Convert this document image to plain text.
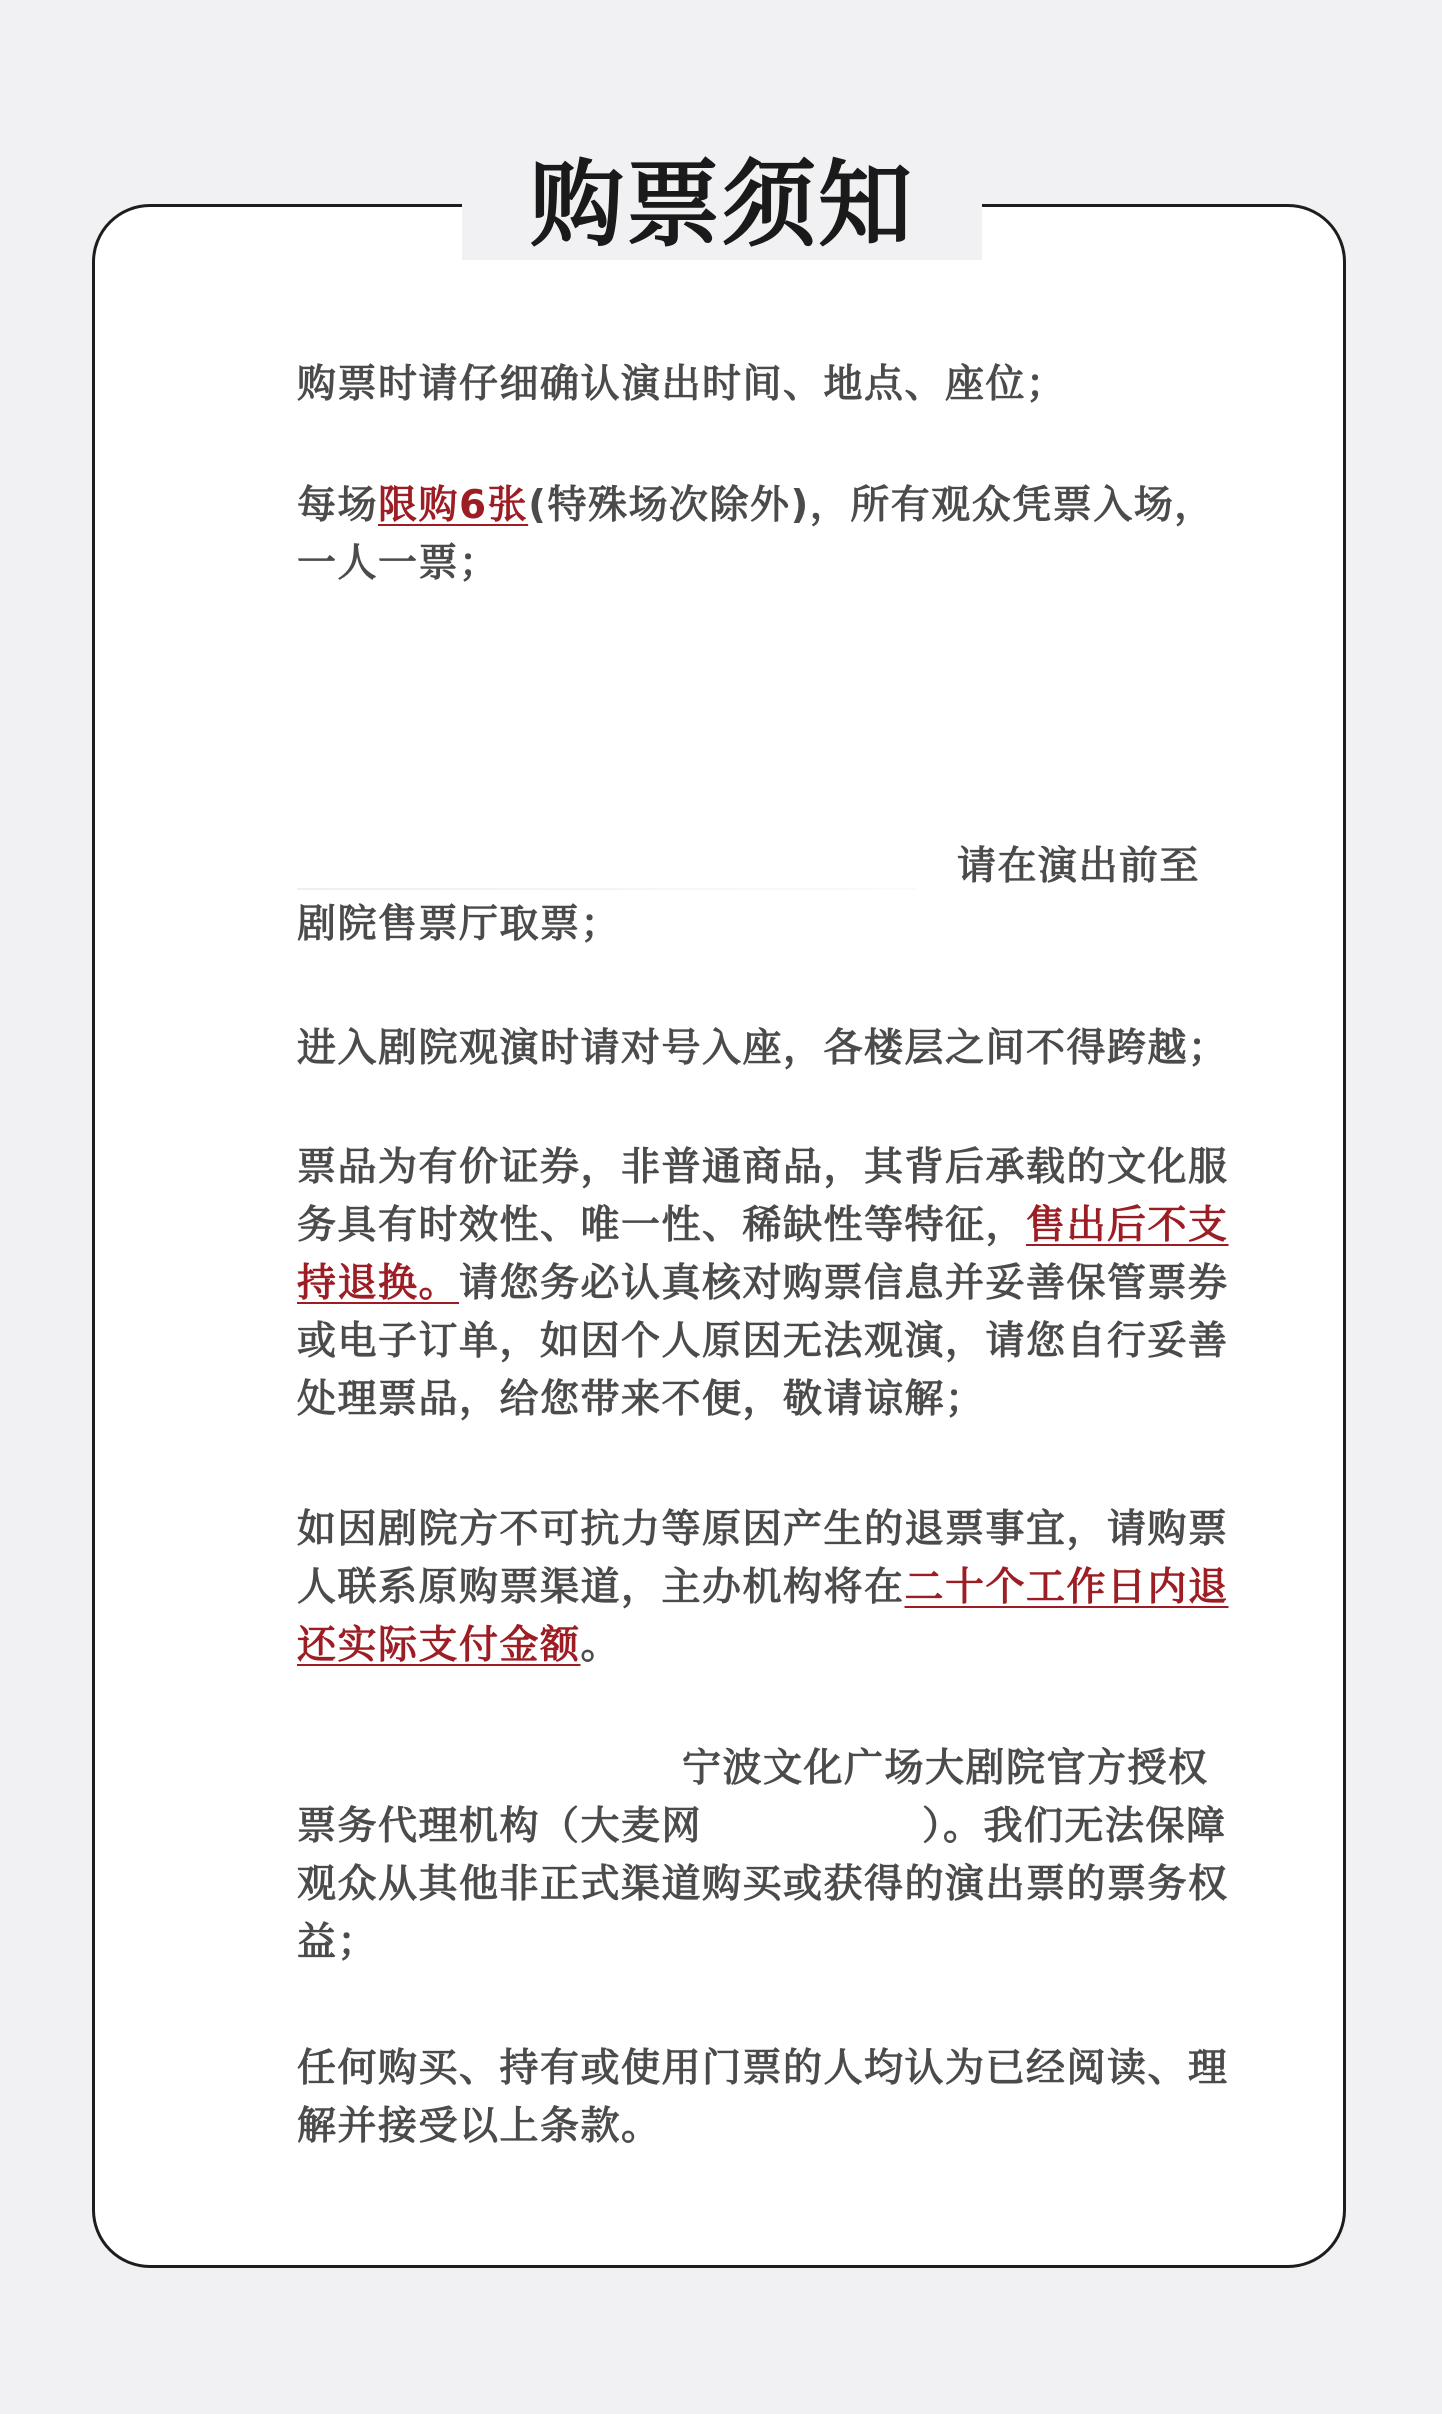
购票须知

购票时请仔细确认演出时间、地点、座位；

每场限购6张(特殊场次除外)，所有观众凭票入场，一人一票；

请在演出前至
剧院售票厅取票；

进入剧院观演时请对号入座，各楼层之间不得跨越；

票品为有价证券，非普通商品，其背后承载的文化服务具有时效性、唯一性、稀缺性等特征，售出后不支持退换。请您务必认真核对购票信息并妥善保管票券或电子订单，如因个人原因无法观演，请您自行妥善处理票品，给您带来不便，敬请谅解；

如因剧院方不可抗力等原因产生的退票事宜，请购票人联系原购票渠道，主办机构将在二十个工作日内退还实际支付金额。

宁波文化广场大剧院官方授权
票务代理机构（大麦网	）。我们无法保障观众从其他非正式渠道购买或获得的演出票的票务权益；

任何购买、持有或使用门票的人均认为已经阅读、理解并接受以上条款。
